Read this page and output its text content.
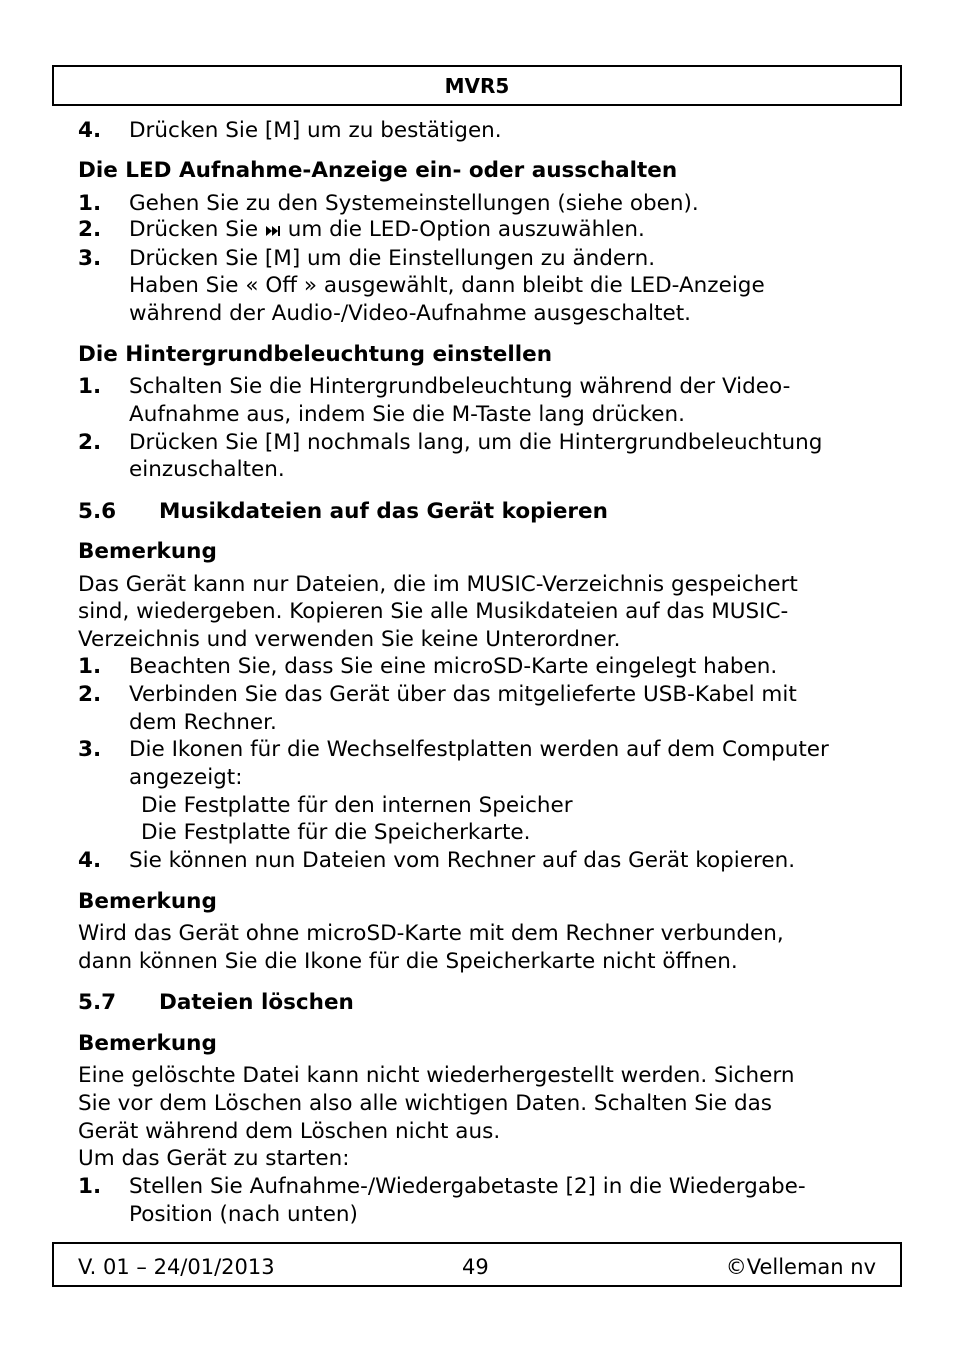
MVR5
4. Drücken Sie [M] um zu bestätigen.
Die LED Aufnahme-Anzeige ein- oder ausschalten
1. Gehen Sie zu den Systemeinstellungen (siehe oben).
2. Drücken Sie  um die LED-Option auszuwählen.
3. Drücken Sie [M] um die Einstellungen zu ändern.
Haben Sie « Off » ausgewählt, dann bleibt die LED-Anzeige
während der Audio-/Video-Aufnahme ausgeschaltet.
Die Hintergrundbeleuchtung einstellen
1. Schalten Sie die Hintergrundbeleuchtung während der Video-
Aufnahme aus, indem Sie die M-Taste lang drücken.
2. Drücken Sie [M] nochmals lang, um die Hintergrundbeleuchtung
einzuschalten.
5.6 Musikdateien auf das Gerät kopieren
Bemerkung
Das Gerät kann nur Dateien, die im MUSIC-Verzeichnis gespeichert
sind, wiedergeben. Kopieren Sie alle Musikdateien auf das MUSIC-
Verzeichnis und verwenden Sie keine Unterordner.
1. Beachten Sie, dass Sie eine microSD-Karte eingelegt haben.
2. Verbinden Sie das Gerät über das mitgelieferte USB-Kabel mit
dem Rechner.
3. Die Ikonen für die Wechselfestplatten werden auf dem Computer
angezeigt:
Die Festplatte für den internen Speicher
Die Festplatte für die Speicherkarte.
4. Sie können nun Dateien vom Rechner auf das Gerät kopieren.
Bemerkung
Wird das Gerät ohne microSD-Karte mit dem Rechner verbunden,
dann können Sie die Ikone für die Speicherkarte nicht öffnen.
5.7 Dateien löschen
Bemerkung
Eine gelöschte Datei kann nicht wiederhergestellt werden. Sichern
Sie vor dem Löschen also alle wichtigen Daten. Schalten Sie das
Gerät während dem Löschen nicht aus.
Um das Gerät zu starten:
1. Stellen Sie Aufnahme-/Wiedergabetaste [2] in die Wiedergabe-
Position (nach unten)
V. 01 – 24/01/2013	49	©Velleman nv
